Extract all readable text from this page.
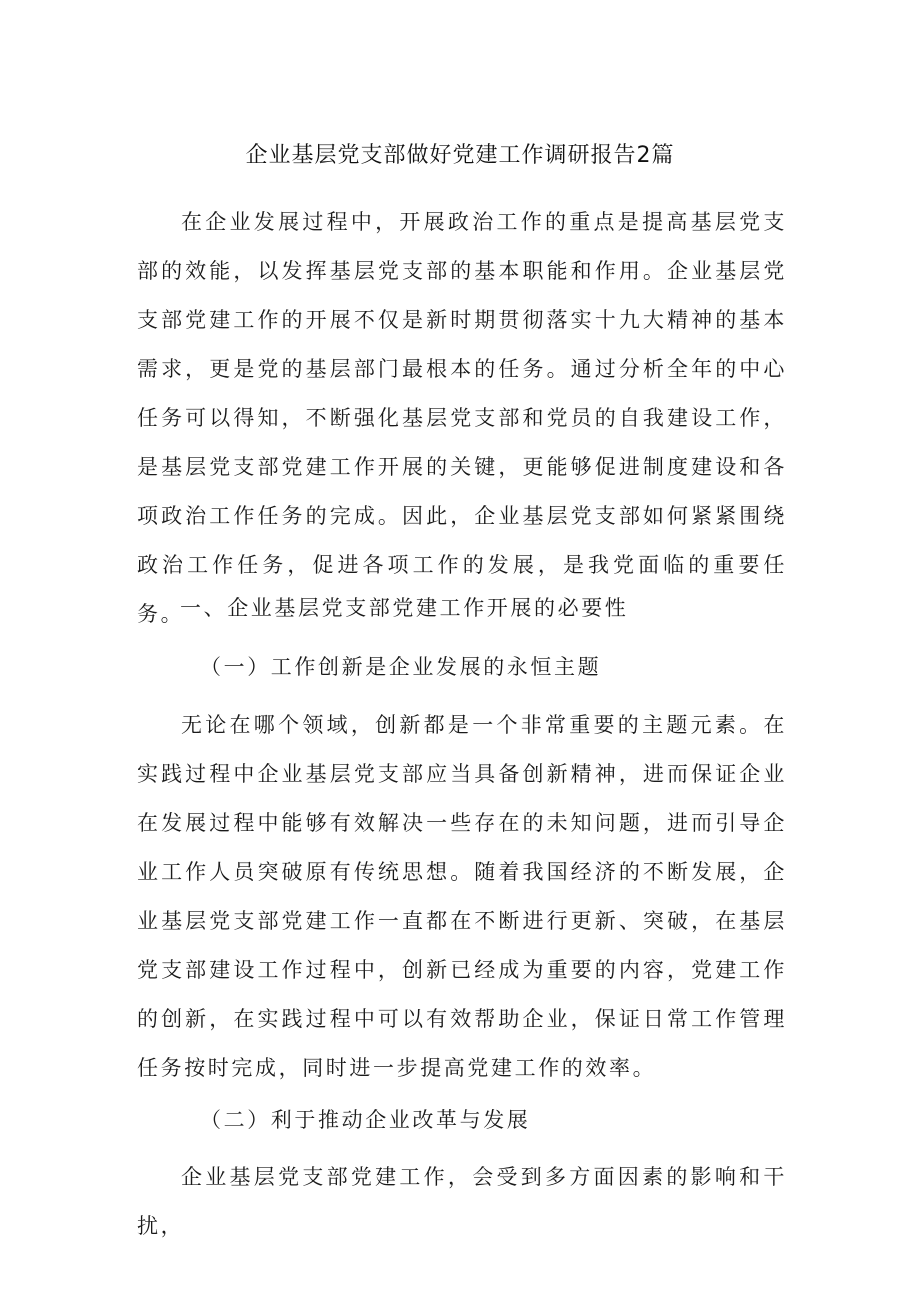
企业基层党支部做好党建工作调研报告2篇

在企业发展过程中，开展政治工作的重点是提高基层党支部的效能，以发挥基层党支部的基本职能和作用。企业基层党支部党建工作的开展不仅是新时期贯彻落实十九大精神的基本需求，更是党的基层部门最根本的任务。通过分析全年的中心任务可以得知，不断强化基层党支部和党员的自我建设工作，是基层党支部党建工作开展的关键，更能够促进制度建设和各项政治工作任务的完成。因此，企业基层党支部如何紧紧围绕政治工作任务，促进各项工作的发展，是我党面临的重要任务。

一、企业基层党支部党建工作开展的必要性

（一）工作创新是企业发展的永恒主题

无论在哪个领域，创新都是一个非常重要的主题元素。在实践过程中企业基层党支部应当具备创新精神，进而保证企业在发展过程中能够有效解决一些存在的未知问题，进而引导企业工作人员突破原有传统思想。随着我国经济的不断发展，企业基层党支部党建工作一直都在不断进行更新、突破，在基层党支部建设工作过程中，创新已经成为重要的内容，党建工作的创新，在实践过程中可以有效帮助企业，保证日常工作管理任务按时完成，同时进一步提高党建工作的效率。

（二）利于推动企业改革与发展

企业基层党支部党建工作，会受到多方面因素的影响和干扰，
